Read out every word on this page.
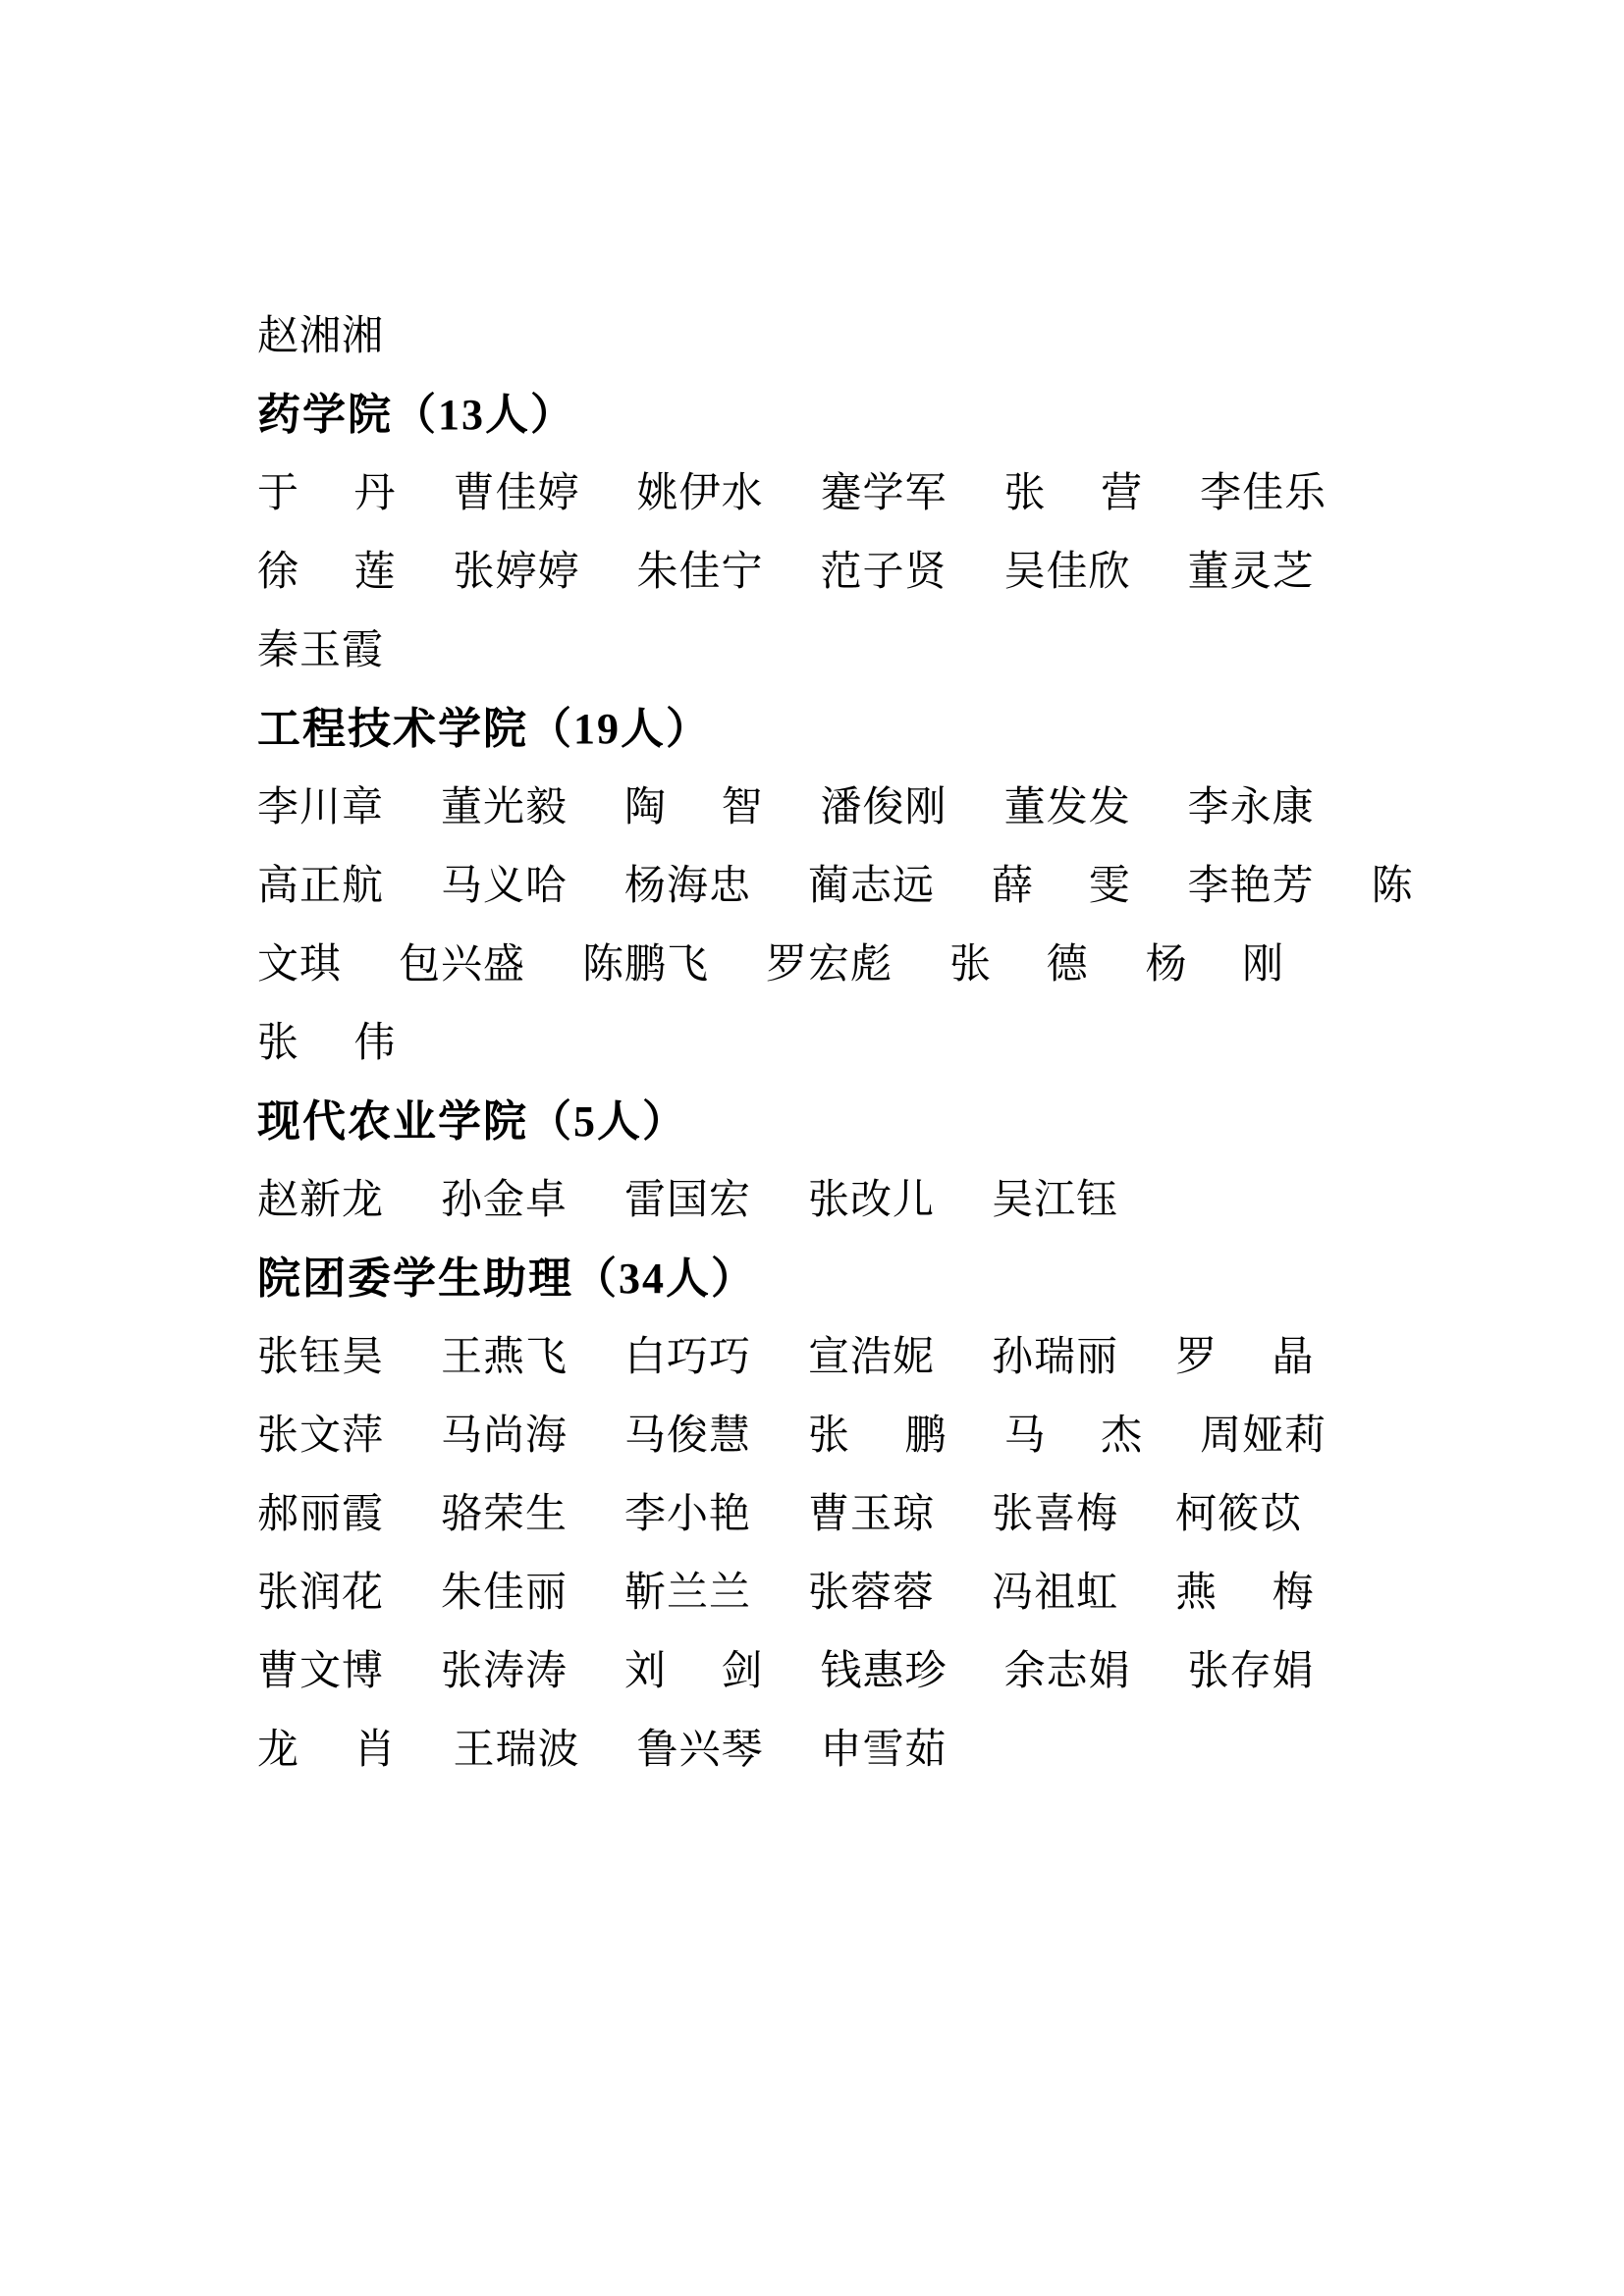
赵湘湘
药学院（13人）
于 丹 曹佳婷 姚伊水 蹇学军 张 营 李佳乐
徐 莲 张婷婷 朱佳宁 范子贤 吴佳欣 董灵芝
秦玉霞
工程技术学院（19人）
李川章 董光毅 陶 智 潘俊刚 董发发 李永康
高正航 马义哈 杨海忠 蔺志远 薛 雯 李艳芳 陈
文琪 包兴盛 陈鹏飞 罗宏彪 张 德 杨 刚
张 伟
现代农业学院（5人）
赵新龙 孙金卓 雷国宏 张改儿 吴江钰
院团委学生助理（34人）
张钰昊 王燕飞 白巧巧 宣浩妮 孙瑞丽 罗 晶
张文萍 马尚海 马俊慧 张 鹏 马 杰 周娅莉
郝丽霞 骆荣生 李小艳 曹玉琼 张喜梅 柯筱苡
张润花 朱佳丽 靳兰兰 张蓉蓉 冯祖虹 燕 梅
曹文博 张涛涛 刘 剑 钱惠珍 余志娟 张存娟
龙 肖 王瑞波 鲁兴琴 申雪茹
